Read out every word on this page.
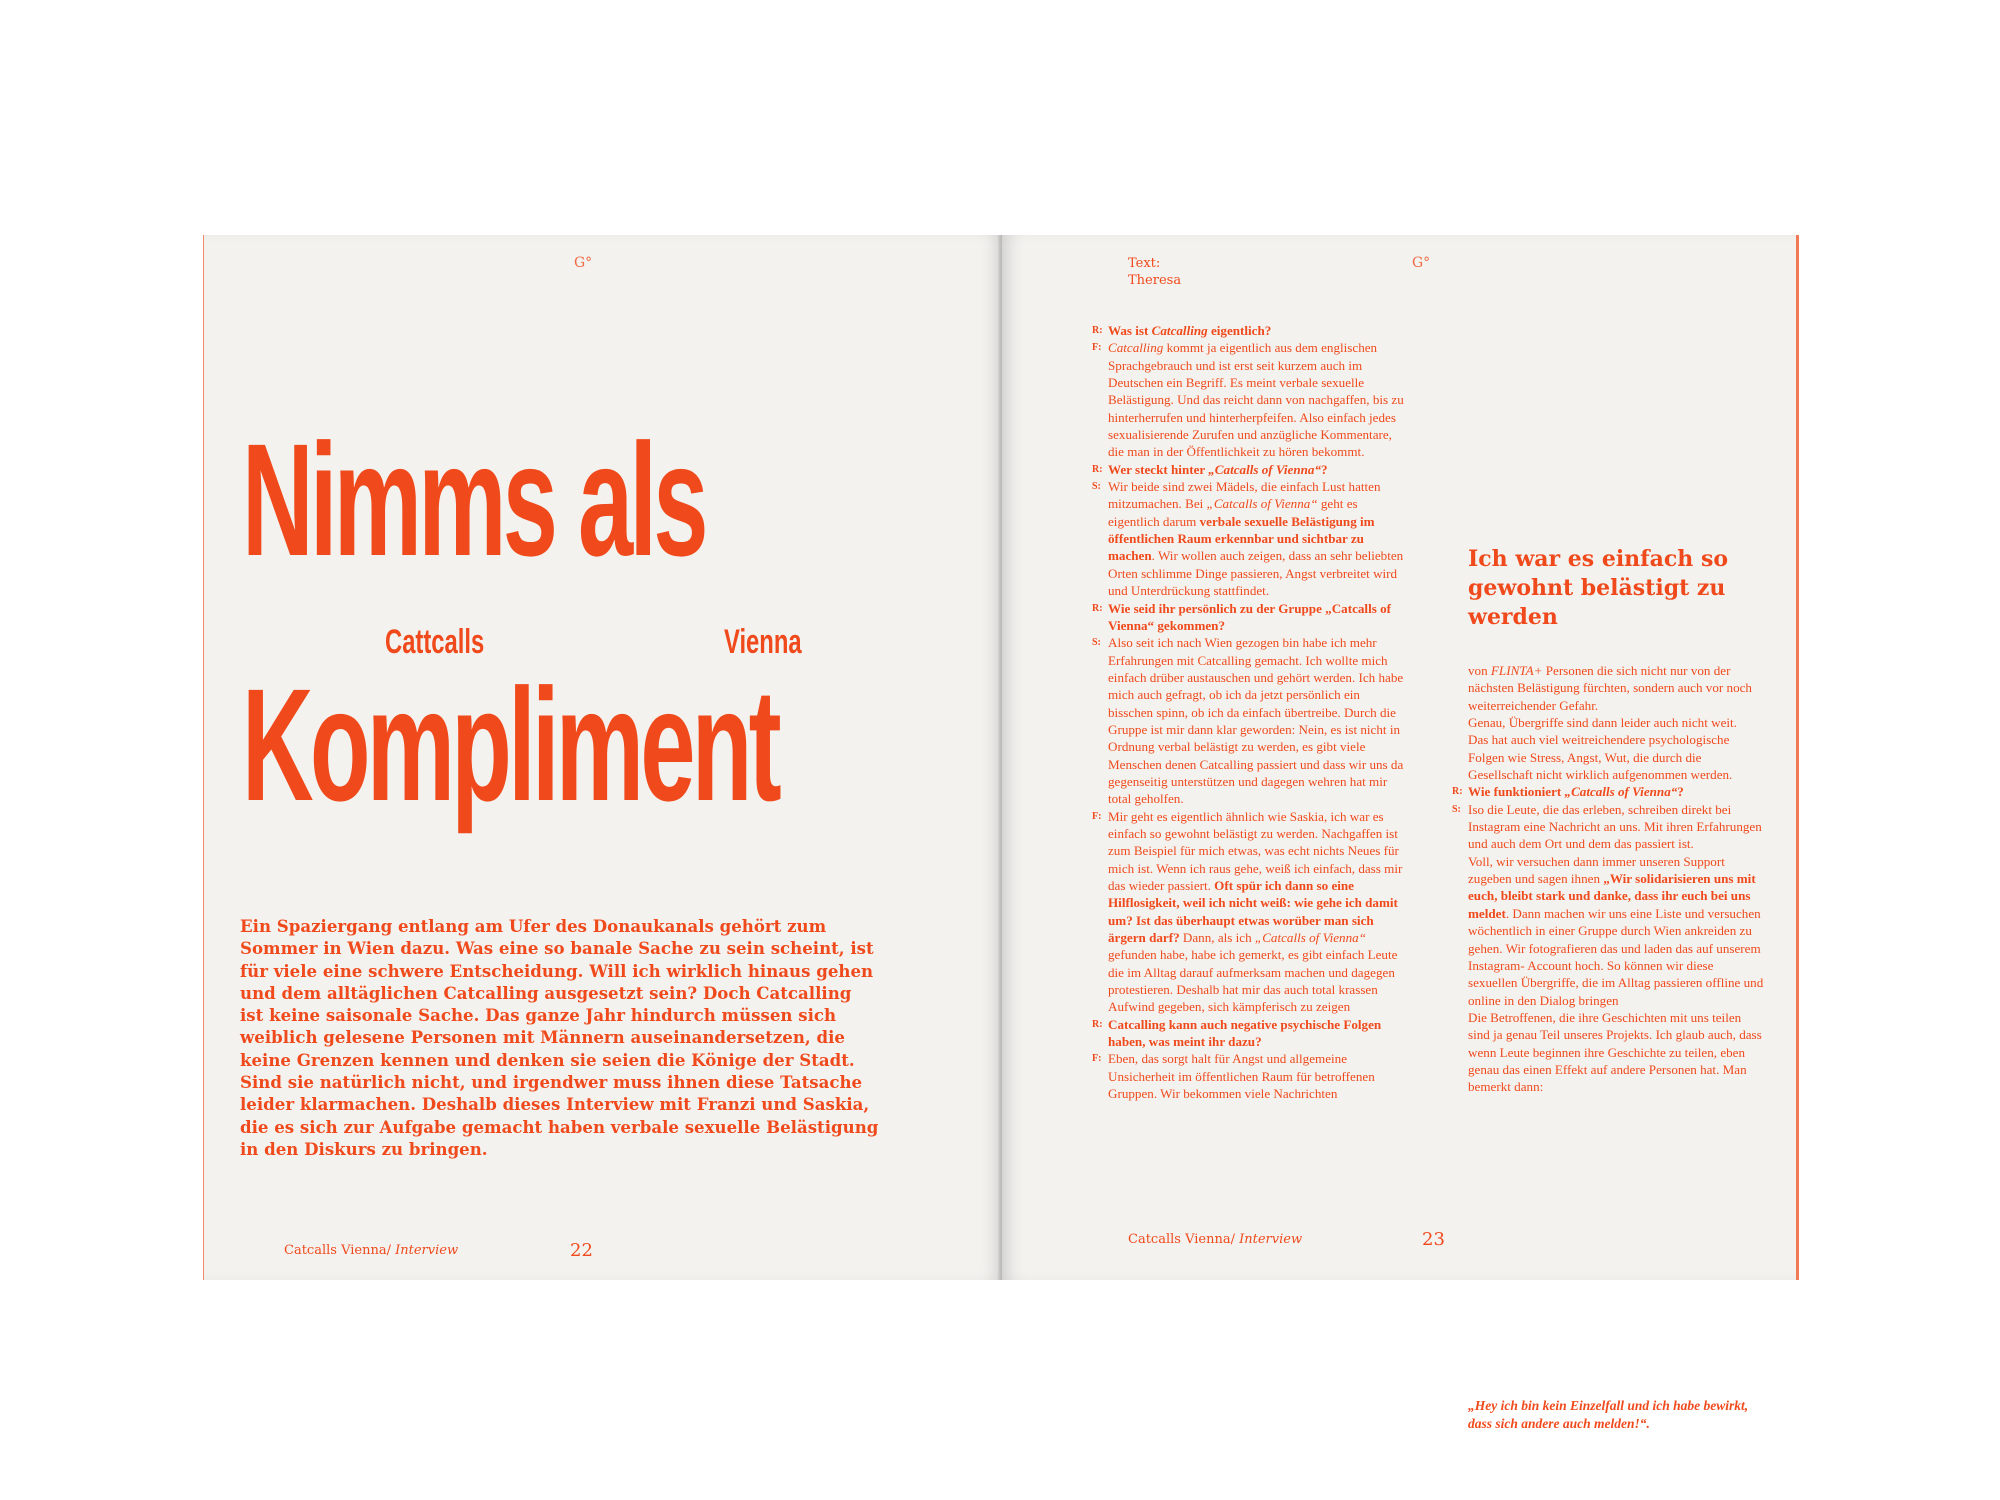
G°
Nimms als
Cattcalls	Vienna
Kompliment
Ein Spaziergang entlang am Ufer des Donaukanals gehört zum Sommer in Wien dazu. Was eine so banale Sache zu sein scheint, ist für viele eine schwere Entscheidung. Will ich wirklich hinaus gehen und dem alltäglichen Catcalling ausgesetzt sein? Doch Catcalling ist keine saisonale Sache. Das ganze Jahr hindurch müssen sich weiblich gelesene Personen mit Männern auseinandersetzen, die keine Grenzen kennen und denken sie seien die Könige der Stadt. Sind sie natürlich nicht, und irgendwer muss ihnen diese Tatsache leider klarmachen. Deshalb dieses Interview mit Franzi und Saskia, die es sich zur Aufgabe gemacht haben verbale sexuelle Belästigung in den Diskurs zu bringen.
Catcalls Vienna/ Interview	22
Text:
Theresa
G°
R: Was ist Catcalling eigentlich?
F: Catcalling kommt ja eigentlich aus dem englischen Sprachgebrauch und ist erst seit kurzem auch im Deutschen ein Begriff. Es meint verbale sexuelle Belästigung. Und das reicht dann von nachgaffen, bis zu hinterherrufen und hinterherpfeifen. Also einfach jedes sexualisierende Zurufen und anzügliche Kommentare, die man in der Öffentlichkeit zu hören bekommt.
R: Wer steckt hinter „Catcalls of Vienna“?
S: Wir beide sind zwei Mädels, die einfach Lust hatten mitzumachen. Bei „Catcalls of Vienna“ geht es eigentlich darum verbale sexuelle Belästigung im öffentlichen Raum erkennbar und sichtbar zu machen. Wir wollen auch zeigen, dass an sehr beliebten Orten schlimme Dinge passieren, Angst verbreitet wird und Unterdrückung stattfindet.
R: Wie seid ihr persönlich zu der Gruppe „Catcalls of Vienna“ gekommen?
S: Also seit ich nach Wien gezogen bin habe ich mehr Erfahrungen mit Catcalling gemacht. Ich wollte mich einfach drüber austauschen und gehört werden. Ich habe mich auch gefragt, ob ich da jetzt persönlich ein bisschen spinn, ob ich da einfach übertreibe. Durch die Gruppe ist mir dann klar geworden: Nein, es ist nicht in Ordnung verbal belästigt zu werden, es gibt viele Menschen denen Catcalling passiert und dass wir uns da gegenseitig unterstützen und dagegen wehren hat mir total geholfen.
F: Mir geht es eigentlich ähnlich wie Saskia, ich war es einfach so gewohnt belästigt zu werden. Nachgaffen ist zum Beispiel für mich etwas, was echt nichts Neues für mich ist. Wenn ich raus gehe, weiß ich einfach, dass mir das wieder passiert. Oft spür ich dann so eine Hilflosigkeit, weil ich nicht weiß: wie gehe ich damit um? Ist das überhaupt etwas worüber man sich ärgern darf? Dann, als ich „Catcalls of Vienna“ gefunden habe, habe ich gemerkt, es gibt einfach Leute die im Alltag darauf aufmerksam machen und dagegen protestieren. Deshalb hat mir das auch total krassen Aufwind gegeben, sich kämpferisch zu zeigen
R: Catcalling kann auch negative psychische Folgen haben, was meint ihr dazu?
F: Eben, das sorgt halt für Angst und allgemeine Unsicherheit im öffentlichen Raum für betroffenen Gruppen. Wir bekommen viele Nachrichten
Ich war es einfach so gewohnt belästigt zu werden
von FLINTA+ Personen die sich nicht nur von der nächsten Belästigung fürchten, sondern auch vor noch weiterreichender Gefahr.
Genau, Übergriffe sind dann leider auch nicht weit.
Das hat auch viel weitreichendere psychologische Folgen wie Stress, Angst, Wut, die durch die Gesellschaft nicht wirklich aufgenommen werden.
R: Wie funktioniert „Catcalls of Vienna“?
S: Iso die Leute, die das erleben, schreiben direkt bei Instagram eine Nachricht an uns. Mit ihren Erfahrungen und auch dem Ort und dem das passiert ist.
Voll, wir versuchen dann immer unseren Support zugeben und sagen ihnen „Wir solidarisieren uns mit euch, bleibt stark und danke, dass ihr euch bei uns meldet. Dann machen wir uns eine Liste und versuchen wöchentlich in einer Gruppe durch Wien ankreiden zu gehen. Wir fotografieren das und laden das auf unserem Instagram- Account hoch. So können wir diese sexuellen Übergriffe, die im Alltag passieren offline und online in den Dialog bringen
Die Betroffenen, die ihre Geschichten mit uns teilen sind ja genau Teil unseres Projekts. Ich glaub auch, dass wenn Leute beginnen ihre Geschichte zu teilen, eben genau das einen Effekt auf andere Personen hat. Man bemerkt dann:
„Hey ich bin kein Einzelfall und ich habe bewirkt, dass sich andere auch melden!“.
Catcalls Vienna/ Interview	23
